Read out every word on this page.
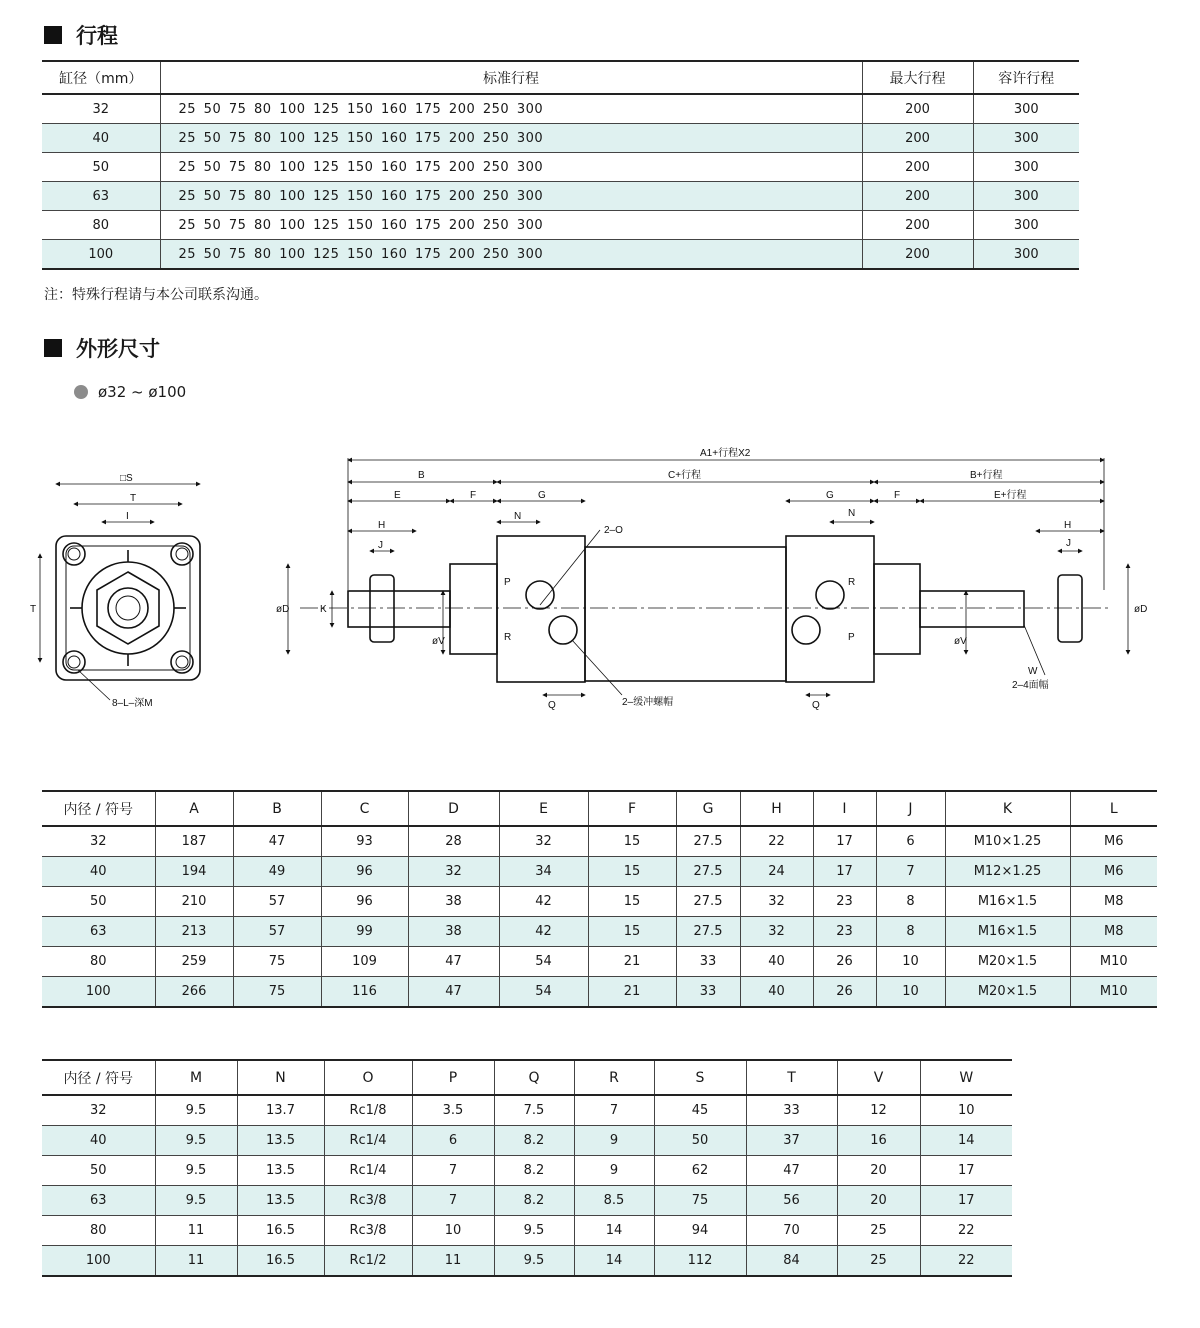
行程
缸径（mm）	标准行程	最大行程	容许行程
32	25 50 75 80 100 125 150 160 175 200 250 300	200	300
40	25 50 75 80 100 125 150 160 175 200 250 300	200	300
50	25 50 75 80 100 125 150 160 175 200 250 300	200	300
63	25 50 75 80 100 125 150 160 175 200 250 300	200	300
80	25 50 75 80 100 125 150 160 175 200 250 300	200	300
100	25 50 75 80 100 125 150 160 175 200 250 300	200	300
注：特殊行程请与本公司联系沟通。
外形尺寸
ø32 ~ ø100
□S
T
I
T
8–L–深M
A1+行程X2
B	C+行程	B+行程
E	F	G	G	F	E+行程
N	N
H	H
J	J
2–O
øD	øD
K
øV	øV
P
R
R
P
Q	Q
2–缓冲螺帽
W
2–4面幅
内径 / 符号	A	B	C	D	E	F	G	H	I	J	K	L
32	187	47	93	28	32	15	27.5	22	17	6	M10×1.25	M6
40	194	49	96	32	34	15	27.5	24	17	7	M12×1.25	M6
50	210	57	96	38	42	15	27.5	32	23	8	M16×1.5	M8
63	213	57	99	38	42	15	27.5	32	23	8	M16×1.5	M8
80	259	75	109	47	54	21	33	40	26	10	M20×1.5	M10
100	266	75	116	47	54	21	33	40	26	10	M20×1.5	M10
内径 / 符号	M	N	O	P	Q	R	S	T	V	W
32	9.5	13.7	Rc1/8	3.5	7.5	7	45	33	12	10
40	9.5	13.5	Rc1/4	6	8.2	9	50	37	16	14
50	9.5	13.5	Rc1/4	7	8.2	9	62	47	20	17
63	9.5	13.5	Rc3/8	7	8.2	8.5	75	56	20	17
80	11	16.5	Rc3/8	10	9.5	14	94	70	25	22
100	11	16.5	Rc1/2	11	9.5	14	112	84	25	22
